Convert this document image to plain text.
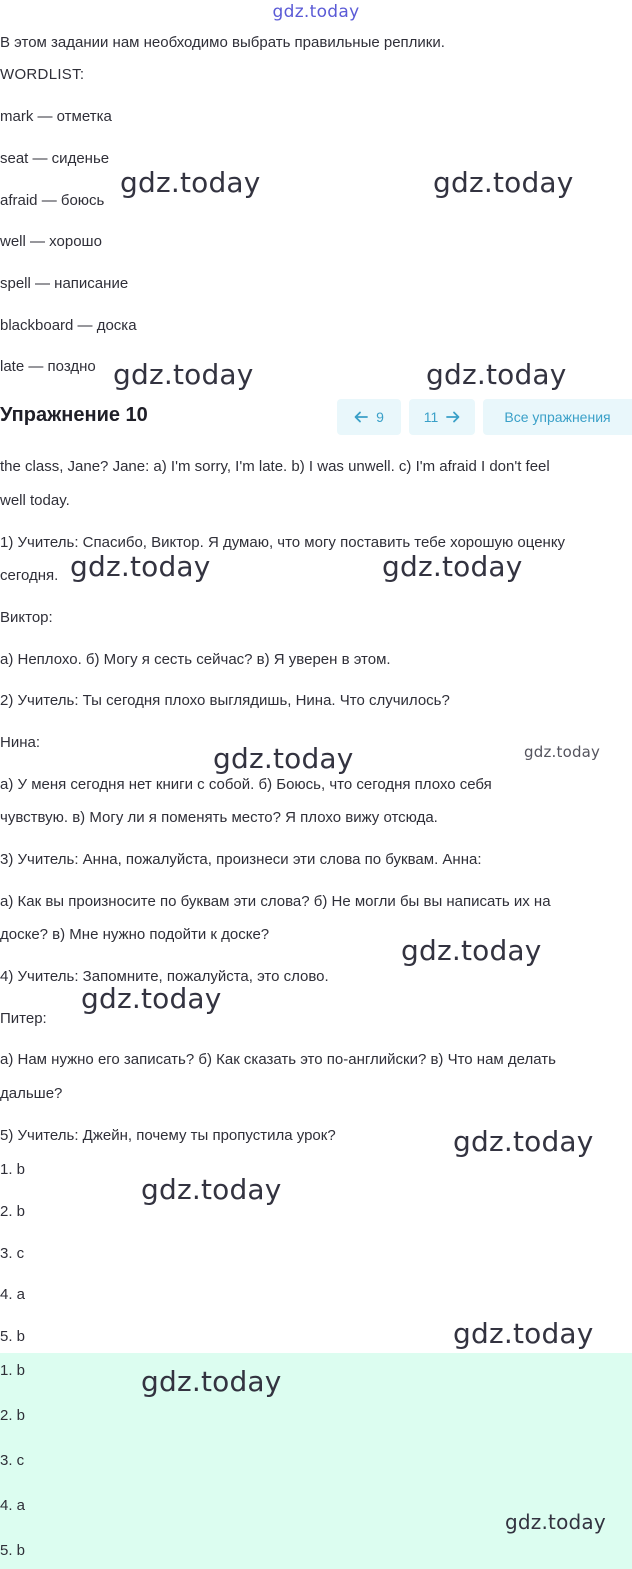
gdz.today
В этом задании нам необходимо выбрать правильные реплики.
WORDLIST:
mark — отметка
seat — сиденье
afraid — боюсь
well — хорошо
spell — написание
blackboard — доска
late — поздно
Упражнение 10	9	11	Все упражнения
the class, Jane? Jane: a) I'm sorry, I'm late. b) I was unwell. c) I'm afraid I don't feel
well today.
1) Учитель: Спасибо, Виктор. Я думаю, что могу поставить тебе хорошую оценку
сегодня.
Виктор:
а) Неплохо. б) Могу я сесть сейчас? в) Я уверен в этом.
2) Учитель: Ты сегодня плохо выглядишь, Нина. Что случилось?
Нина:
а) У меня сегодня нет книги с собой. б) Боюсь, что сегодня плохо себя
чувствую. в) Могу ли я поменять место? Я плохо вижу отсюда.
3) Учитель: Анна, пожалуйста, произнеси эти слова по буквам. Анна:
а) Как вы произносите по буквам эти слова? б) Не могли бы вы написать их на
доске? в) Мне нужно подойти к доске?
4) Учитель: Запомните, пожалуйста, это слово.
Питер:
а) Нам нужно его записать? б) Как сказать это по-английски? в) Что нам делать
дальше?
5) Учитель: Джейн, почему ты пропустила урок?
1. b
2. b
3. c
4. a
5. b
1. b
2. b
3. c
4. a
5. b
gdz.today	gdz.today
gdz.today	gdz.today
gdz.today	gdz.today
gdz.today	gdz.today
gdz.today
gdz.today
gdz.today
gdz.today
gdz.today
gdz.today
gdz.today
